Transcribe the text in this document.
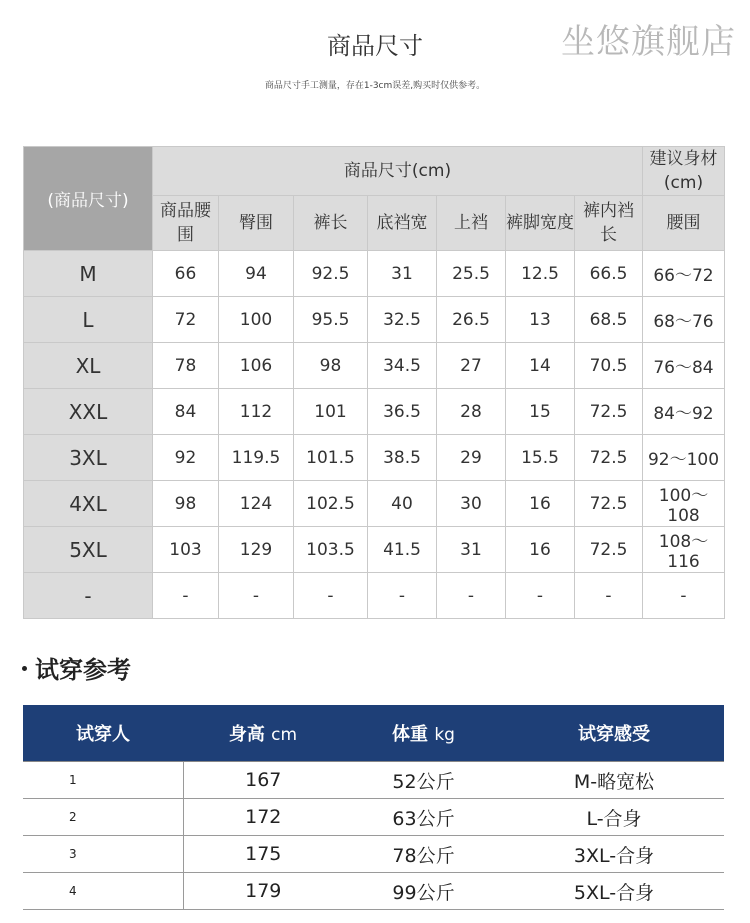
坐悠旗舰店
商品尺寸
商品尺寸手工测量，存在1-3cm误差,购买时仅供参考。
(商品尺寸)	商品尺寸(cm)							建议身材(cm)
	商品腰围	臀围	裤长	底裆宽	上裆	裤脚宽度	裤内裆长	腰围
M	66	94	92.5	31	25.5	12.5	66.5	66～72
L	72	100	95.5	32.5	26.5	13	68.5	68～76
XL	78	106	98	34.5	27	14	70.5	76～84
XXL	84	112	101	36.5	28	15	72.5	84～92
3XL	92	119.5	101.5	38.5	29	15.5	72.5	92～100
4XL	98	124	102.5	40	30	16	72.5	100～108
5XL	103	129	103.5	41.5	31	16	72.5	108～116
-	-	-	-	-	-	-	-	-
试穿参考
试穿人	身高 cm	体重 kg	试穿感受
1	167	52公斤	M-略宽松
2	172	63公斤	L-合身
3	175	78公斤	3XL-合身
4	179	99公斤	5XL-合身
